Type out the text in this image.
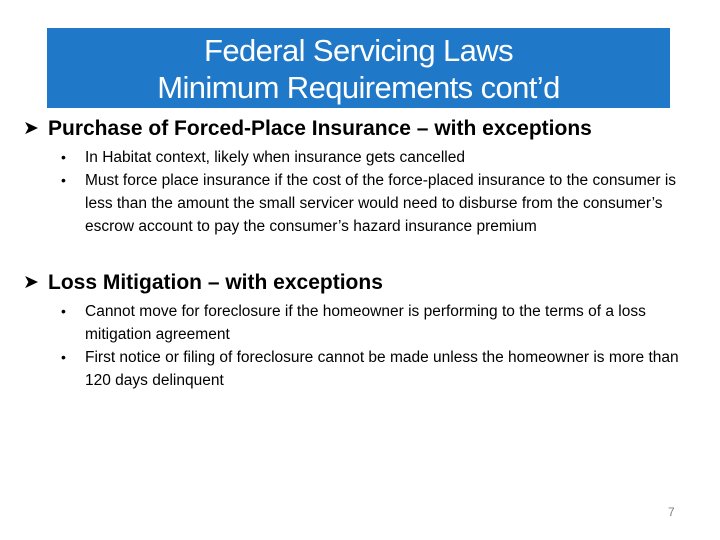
Federal Servicing Laws
Minimum Requirements cont’d
➤ Purchase of Forced-Place Insurance – with exceptions
•	In Habitat context, likely when insurance gets cancelled
•	Must force place insurance if the cost of the force-placed insurance to the consumer is less than the amount the small servicer would need to disburse from the consumer’s escrow account to pay the consumer’s hazard insurance premium
➤ Loss Mitigation – with exceptions
•	Cannot move for foreclosure if the homeowner is performing to the terms of a loss mitigation agreement
•	First notice or filing of foreclosure cannot be made unless the homeowner is more than 120 days delinquent
7
